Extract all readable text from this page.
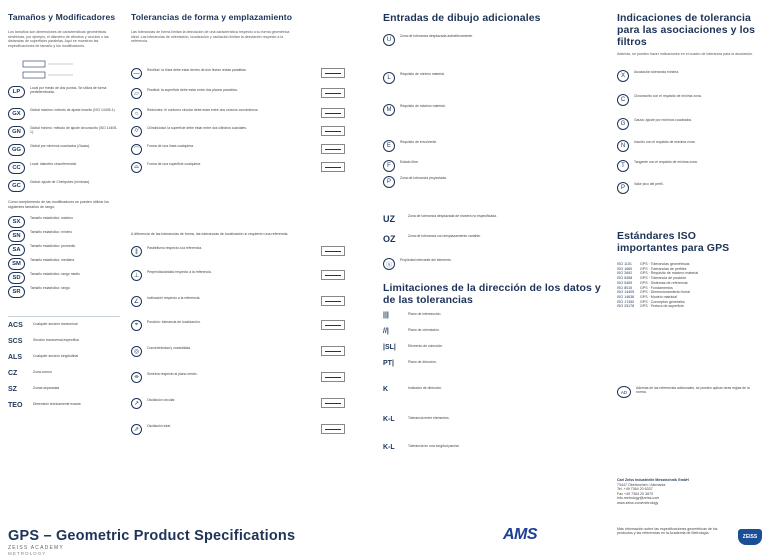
Tamaños y Modificadores
Los tamaños son dimensiones de características geométricas simétricas, por ejemplo, el diámetro de cilindros y círculos o las distancias de superficies paralelas. Aquí se muestran las especificaciones de tamaño y los modificadores.
LP
Local por medio de dos puntos. Se utiliza de forma predeterminada.
GX
Global máximo: método de ajuste inscrito (ISO 14405-1).
GN
Global mínimo: método de ajuste circunscrito (ISO 14405-1).
GG
Global por mínimos cuadrados (Gauss).
CC
Local: diámetro circunferencial.
GC
Global: ajuste de Chebyshev (minimax).
Como complemento de las modificadores se pueden utilizar los siguientes tamaños de rango:
SX
Tamaño estadístico: máximo
SN
Tamaño estadístico: mínimo
SA
Tamaño estadístico: promedio
SM
Tamaño estadístico: mediana
SD
Tamaño estadístico: rango medio
SR
Tamaño estadístico: rango
ACS	Cualquier sección transversal
SCS	Sección transversal específica
ALS	Cualquier sección longitudinal
CZ	Zona común
SZ	Zonas separadas
TEO	Dimensión teóricamente exacta
Tolerancias de forma y emplazamiento
Las tolerancias de forma limitan la desviación de una característica respecto a su forma geométrica ideal. Las tolerancias de orientación, localización y oscilación limitan la desviación respecto a la referencia.
—
Rectitud: la línea debe estar dentro de dos líneas rectas paralelas.
▱
Planitud: la superficie debe estar entre dos planos paralelos.
○
Redondez: el contorno circular debe estar entre dos círculos concéntricos.
⌭	Cilindricidad: la superficie debe estar entre dos cilindros coaxiales.
⌒
Forma de una línea cualquiera.
⌓	Forma de una superficie cualquiera.
A diferencia de las tolerancias de forma, las tolerancias de localización sí requieren una referencia.
∥
Paralelismo respecto a la referencia.
⊥
Perpendicularidad respecto a la referencia.
∠
Inclinación respecto a la referencia.
⌖	Posición: tolerancia de localización.
◎
Concentricidad y coaxialidad.
⌯	Simetría respecto al plano medio.
↗
Oscilación circular.
⇗
Oscilación total.
Entradas de dibujo adicionales
U
Zona de tolerancia desplazada asimétricamente.
L
Requisito de mínimo material.
M
Requisito de máximo material.
E
Requisito de envolvente.
F
Estado libre.
P
Zona de tolerancia proyectada.
UZ	Zona de tolerancia desplazada de manera no especificada.
OZ	Zona de tolerancia con desplazamiento variable.
Ⓢ
Propiedad relevante del elemento.
Limitaciones de la dirección de los datos y de las tolerancias
|||	Plano de intersección.
//|	Plano de orientación.
|SL|	Elemento de colección.
PT|	Plano de dirección.
K	Indicador de dirección.
K-L	Tolerancia entre elementos.
K-L	Tolerancia en una longitud parcial.
Indicaciones de tolerancia para las asociaciones y los filtros
Además, se pueden hacer indicaciones en el cuadro de tolerancia para la asociación.
X
Asociación tolerancia mínima.
C
Circunscrito con el requisito de mínima zona.
G
Gauss: ajuste por mínimos cuadrados.
N
Inscrito con el requisito de máxima zona.
T
Tangente con el requisito de mínima zona.
P
Valor pico del perfil.
Estándares ISO importantes para GPS
ISO 1101 GPS · Tolerancias geométricas
ISO 1660 GPS · Tolerancias de perfiles
ISO 2692 GPS · Requisito de máximo material
ISO 5458 GPS · Tolerancia de posición
ISO 5459 GPS · Sistemas de referencia
ISO 8015 GPS · Fundamentos
ISO 14405 GPS · Dimensionamiento lineal
ISO 14638 GPS · Modelo matricial
ISO 17450 GPS · Conceptos generales
ISO 25178 GPS · Textura de superficie
AD
Además de las referencias adicionales, se pueden aplicar otras reglas de la norma.
Carl Zeiss Industrielle Messtechnik GmbH
73447 Oberkochen / Alemania
Tel. +49 7364 20 6337
Fax +49 7364 20 3870
info.metrology@zeiss.com
www.zeiss.com/metrology
Más información sobre las especificaciones geométricas de los productos y las referencias en la Academia de Metrología.
GPS – Geometric Product Specifications
ZEISS ACADEMY
METROLOGY
AMS	ZEISS
